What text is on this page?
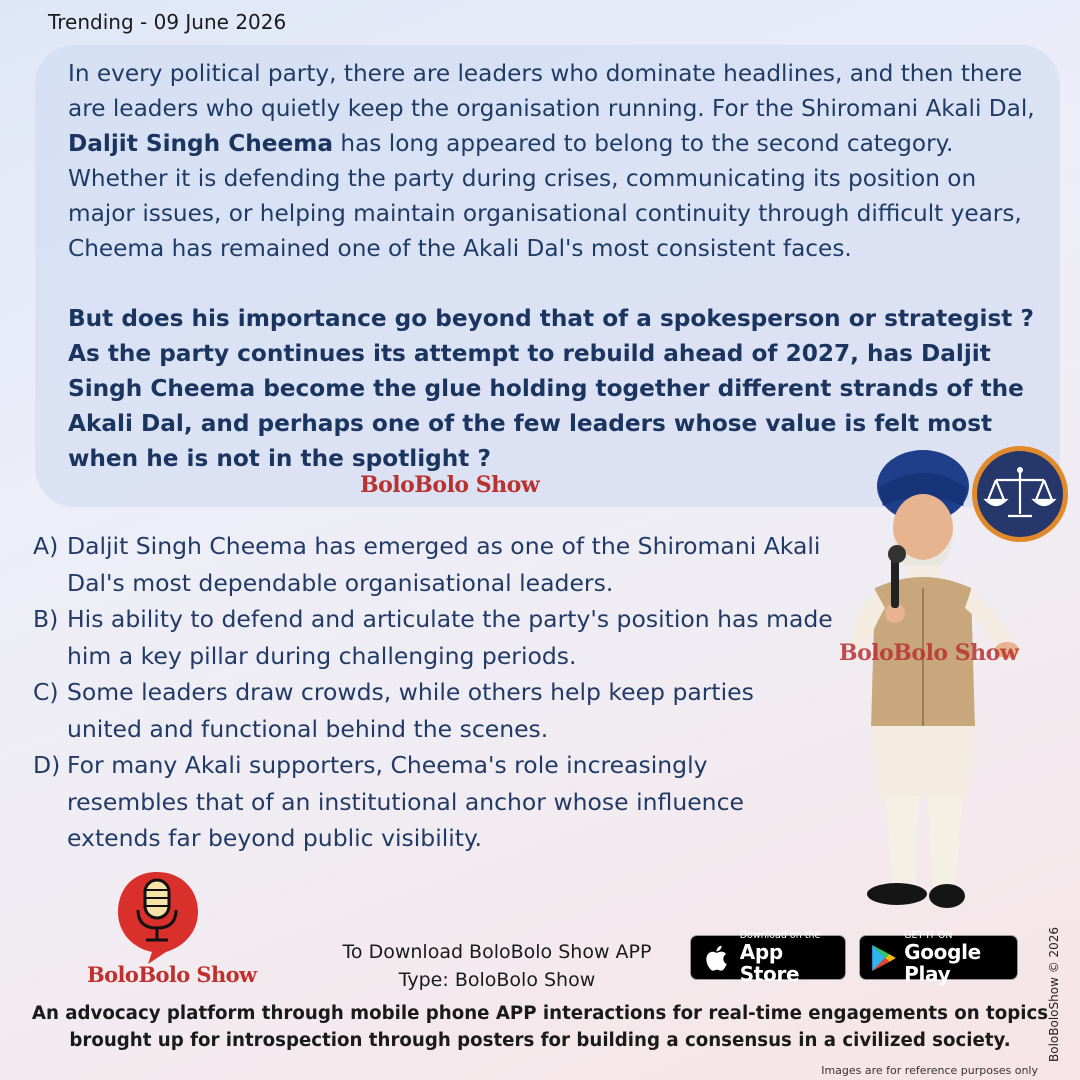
Trending - 09 June 2026
In every political party, there are leaders who dominate headlines, and then there are leaders who quietly keep the organisation running. For the Shiromani Akali Dal, Daljit Singh Cheema has long appeared to belong to the second category. Whether it is defending the party during crises, communicating its position on major issues, or helping maintain organisational continuity through difficult years, Cheema has remained one of the Akali Dal's most consistent faces.
But does his importance go beyond that of a spokesperson or strategist ? As the party continues its attempt to rebuild ahead of 2027, has Daljit Singh Cheema become the glue holding together different strands of the Akali Dal, and perhaps one of the few leaders whose value is felt most when he is not in the spotlight ?
BoloBolo Show
A) Daljit Singh Cheema has emerged as one of the Shiromani Akali Dal's most dependable organisational leaders.
B) His ability to defend and articulate the party's position has made him a key pillar during challenging periods.
C) Some leaders draw crowds, while others help keep parties united and functional behind the scenes.
D) For many Akali supporters, Cheema's role increasingly resembles that of an institutional anchor whose influence extends far beyond public visibility.
BoloBolo Show
BoloBolo Show
To Download BoloBolo Show APP
Type: BoloBolo Show
Download on the
App Store
GET IT ON
Google Play
An advocacy platform through mobile phone APP interactions for real-time engagements on topics
brought up for introspection through posters for building a consensus in a civilized society.
Images are for reference purposes only
BoloBoloShow © 2026
